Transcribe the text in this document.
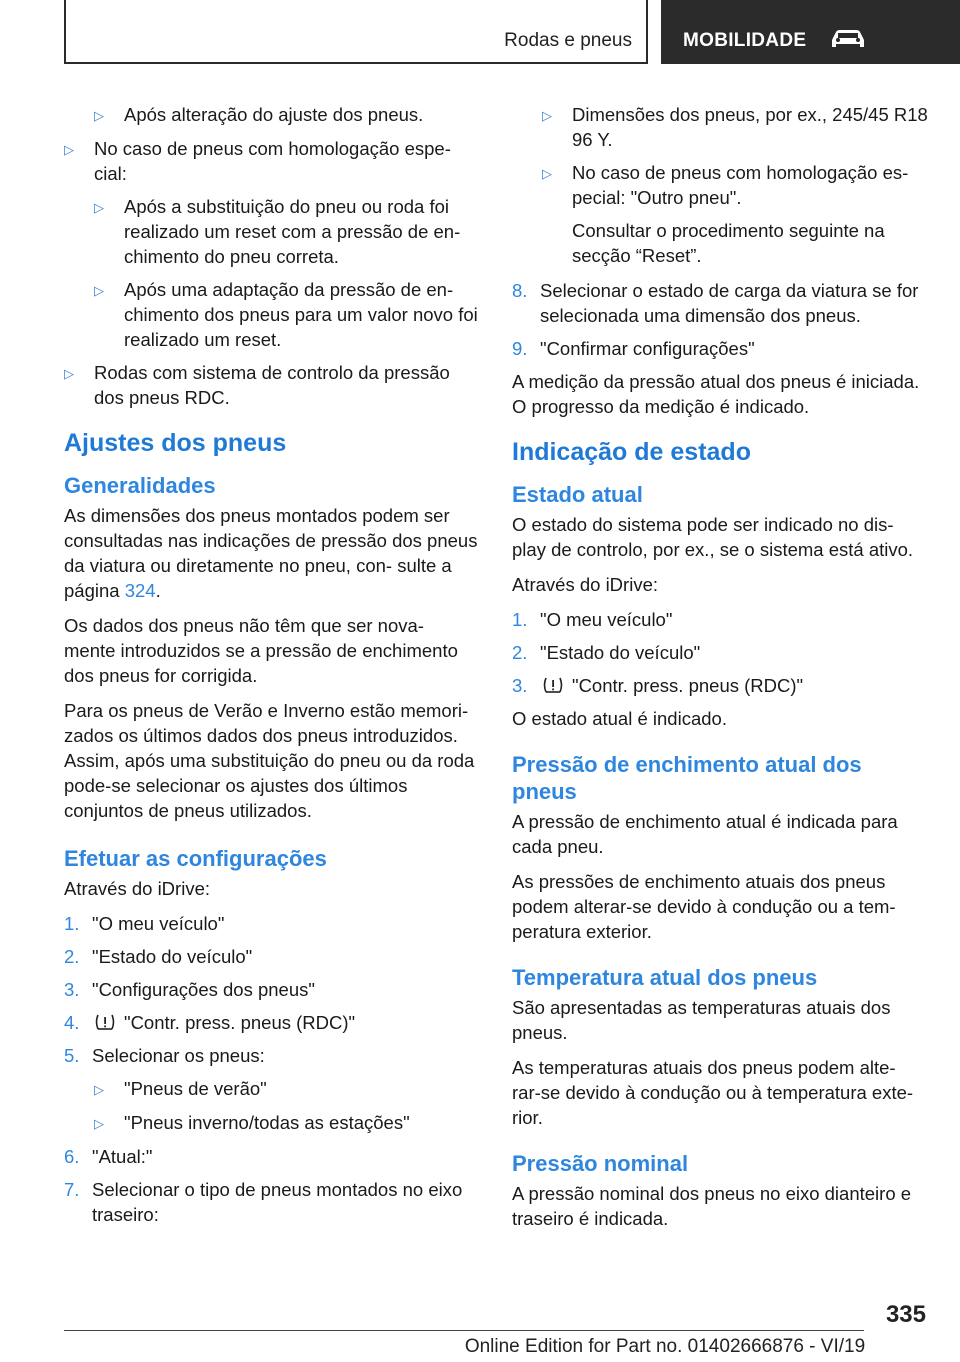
Rodas e pneus	MOBILIDADE
▷	Após alteração do ajuste dos pneus.
▷	No caso de pneus com homologação espe‐ cial:
▷	Após a substituição do pneu ou roda foi realizado um reset com a pressão de en‐ chimento do pneu correta.
▷	Após uma adaptação da pressão de en‐ chimento dos pneus para um valor novo foi realizado um reset.
▷	Rodas com sistema de controlo da pressão dos pneus RDC.
Ajustes dos pneus
Generalidades

As dimensões dos pneus montados podem ser consultadas nas indicações de pressão dos pneus da viatura ou diretamente no pneu, con‐ sulte a página 324.

Os dados dos pneus não têm que ser nova‐ mente introduzidos se a pressão de enchimento dos pneus for corrigida.

Para os pneus de Verão e Inverno estão memori‐ zados os últimos dados dos pneus introduzidos. Assim, após uma substituição do pneu ou da roda pode-se selecionar os ajustes dos últimos conjuntos de pneus utilizados.

Efetuar as configurações

Através do iDrive:

1. "O meu veículo"
2. "Estado do veículo"
3. "Configurações dos pneus"
4.	"Contr. press. pneus (RDC)"
5. Selecionar os pneus:
▷	"Pneus de verão"
▷	"Pneus inverno/todas as estações"
6. "Atual:"
7. Selecionar o tipo de pneus montados no eixo traseiro:
▷	Dimensões dos pneus, por ex., 245/45 R18 96 Y.
▷	No caso de pneus com homologação es‐ pecial: "Outro pneu".

Consultar o procedimento seguinte na secção “Reset”.

8. Selecionar o estado de carga da viatura se for selecionada uma dimensão dos pneus.
9. "Confirmar configurações"

A medição da pressão atual dos pneus é iniciada. O progresso da medição é indicado.

Indicação de estado
Estado atual

O estado do sistema pode ser indicado no dis‐ play de controlo, por ex., se o sistema está ativo.

Através do iDrive:

1. "O meu veículo"
2. "Estado do veículo"
3.	"Contr. press. pneus (RDC)"

O estado atual é indicado.

Pressão de enchimento atual dos pneus

A pressão de enchimento atual é indicada para cada pneu.

As pressões de enchimento atuais dos pneus podem alterar-se devido à condução ou a tem‐ peratura exterior.

Temperatura atual dos pneus

São apresentadas as temperaturas atuais dos pneus.

As temperaturas atuais dos pneus podem alte‐ rar-se devido à condução ou à temperatura exte‐ rior.

Pressão nominal

A pressão nominal dos pneus no eixo dianteiro e traseiro é indicada.

335
Online Edition for Part no. 01402666876 - VI/19
